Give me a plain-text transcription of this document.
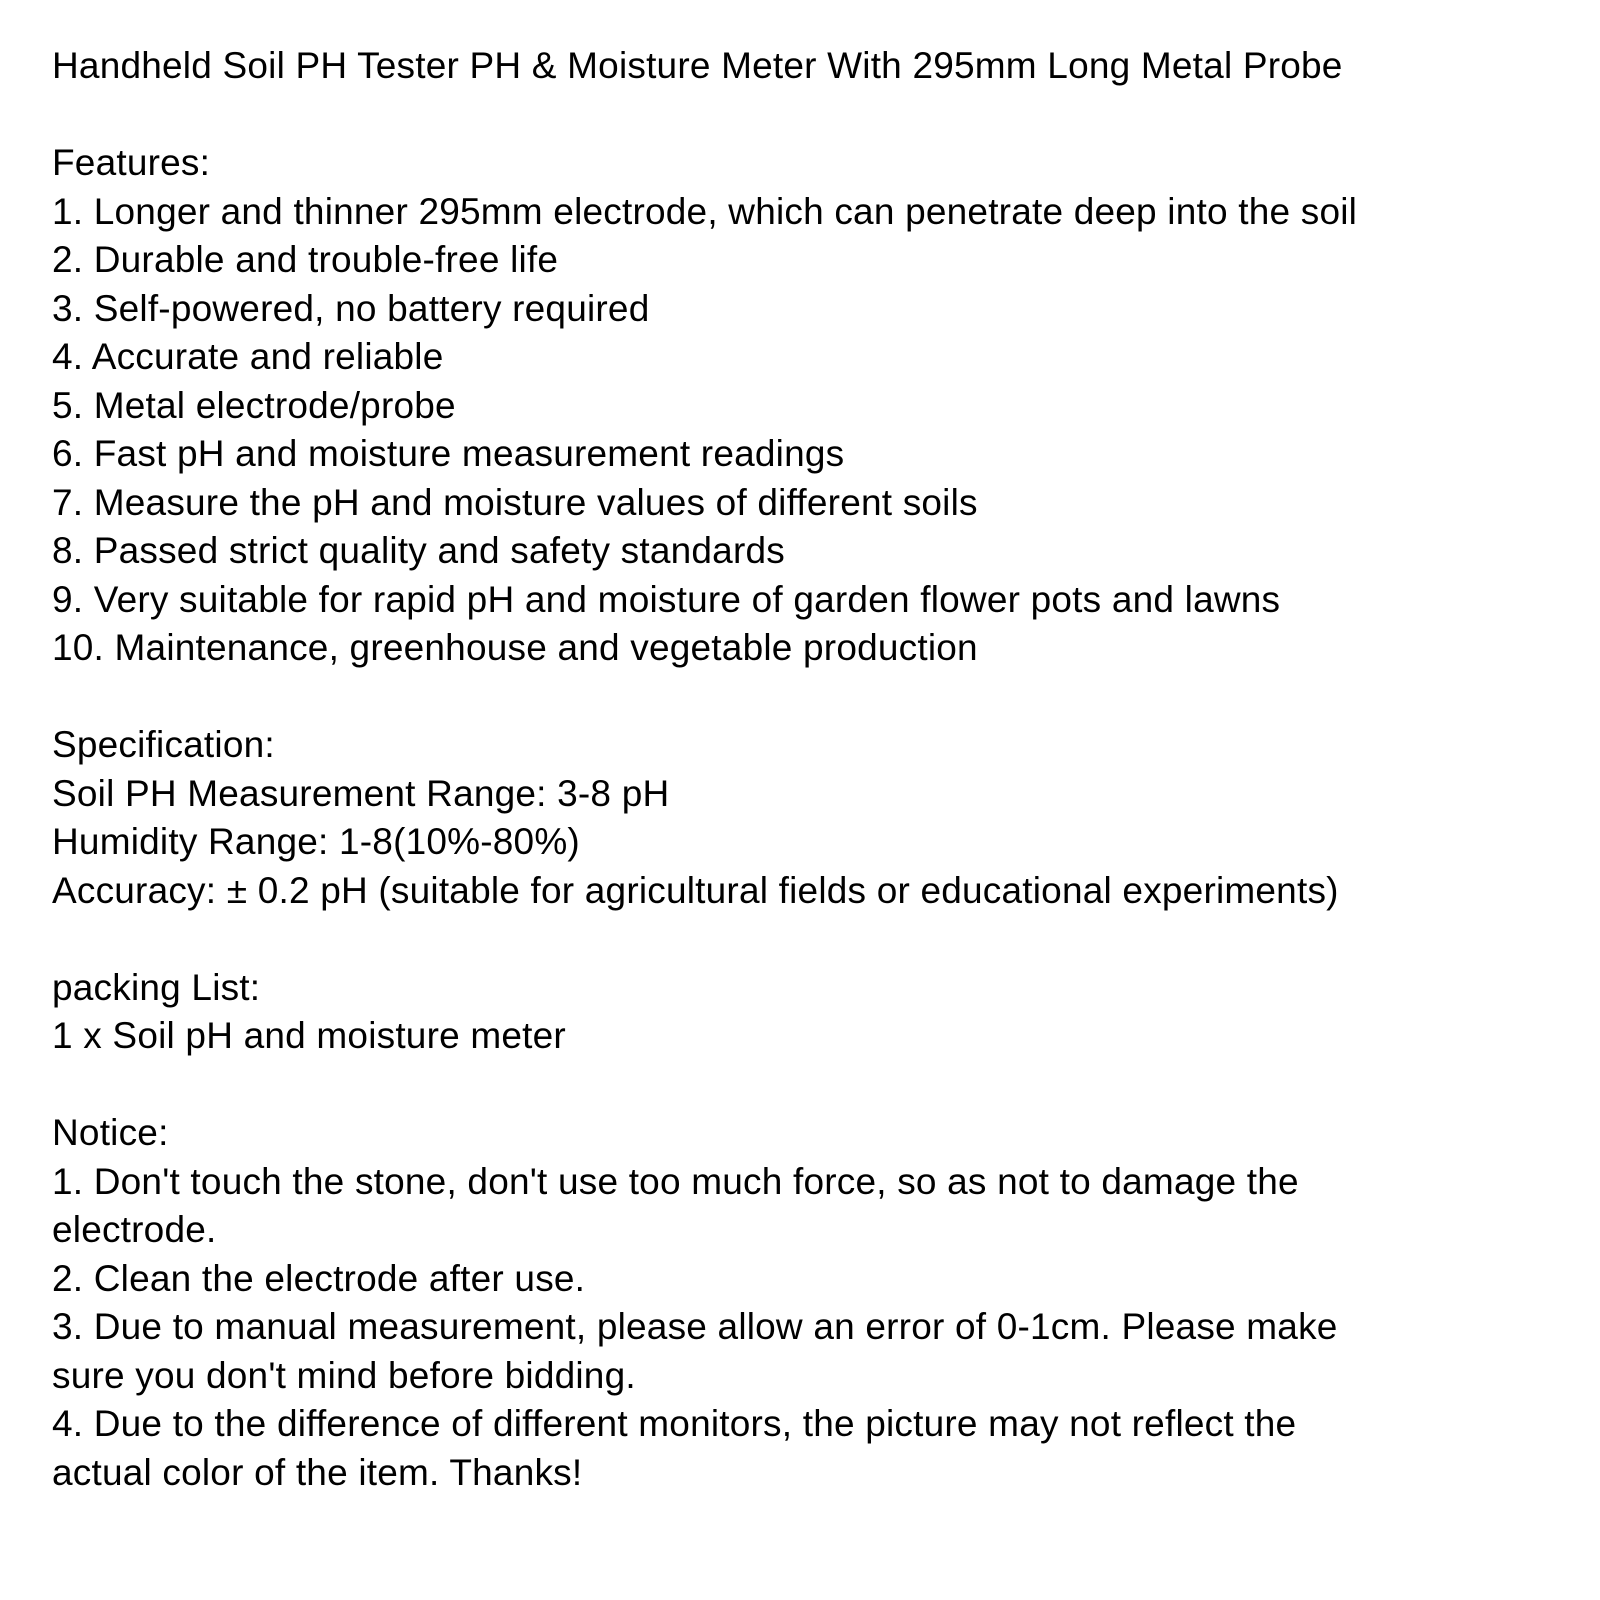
Handheld Soil PH Tester PH & Moisture Meter With 295mm Long Metal Probe
Features:
1. Longer and thinner 295mm electrode, which can penetrate deep into the soil
2. Durable and trouble-free life
3. Self-powered, no battery required
4. Accurate and reliable
5. Metal electrode/probe
6. Fast pH and moisture measurement readings
7. Measure the pH and moisture values of different soils
8. Passed strict quality and safety standards
9. Very suitable for rapid pH and moisture of garden flower pots and lawns
10. Maintenance, greenhouse and vegetable production
Specification:
Soil PH Measurement Range: 3-8 pH
Humidity Range: 1-8(10%-80%)
Accuracy: ± 0.2 pH (suitable for agricultural fields or educational experiments)
packing List:
1 x Soil pH and moisture meter
Notice:
1. Don't touch the stone, don't use too much force, so as not to damage the
electrode.
2. Clean the electrode after use.
3. Due to manual measurement, please allow an error of 0-1cm. Please make
sure you don't mind before bidding.
4. Due to the difference of different monitors, the picture may not reflect the
actual color of the item. Thanks!
